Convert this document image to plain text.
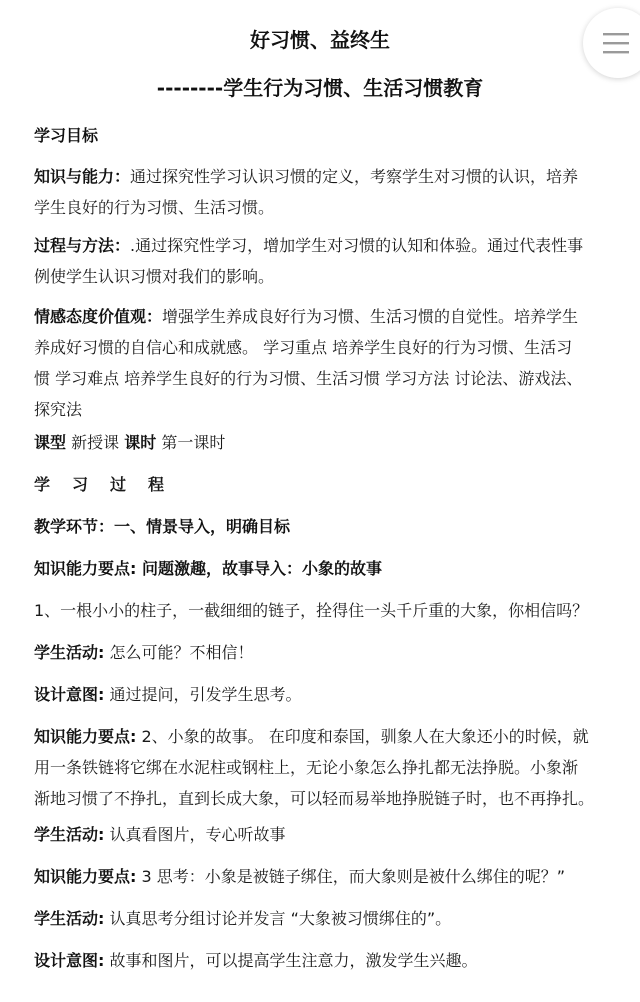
好习惯、益终生
--------学生行为习惯、生活习惯教育
学习目标
知识与能力：通过探究性学习认识习惯的定义，考察学生对习惯的认识，培养
学生良好的行为习惯、生活习惯。
过程与方法：.通过探究性学习，增加学生对习惯的认知和体验。通过代表性事
例使学生认识习惯对我们的影响。
情感态度价值观：增强学生养成良好行为习惯、生活习惯的自觉性。培养学生
养成好习惯的自信心和成就感。 学习重点 培养学生良好的行为习惯、生活习
惯 学习难点 培养学生良好的行为习惯、生活习惯 学习方法 讨论法、游戏法、
探究法
课型 新授课 课时 第一课时
学习过程
教学环节：一、情景导入，明确目标
知识能力要点: 问题激趣，故事导入：小象的故事
1、一根小小的柱子，一截细细的链子，拴得住一头千斤重的大象，你相信吗？
学生活动: 怎么可能？不相信！
设计意图: 通过提问，引发学生思考。
知识能力要点: 2、小象的故事。 在印度和泰国，驯象人在大象还小的时候，就
用一条铁链将它绑在水泥柱或钢柱上，无论小象怎么挣扎都无法挣脱。小象渐
渐地习惯了不挣扎，直到长成大象，可以轻而易举地挣脱链子时，也不再挣扎。
学生活动: 认真看图片，专心听故事
知识能力要点: 3 思考：小象是被链子绑住，而大象则是被什么绑住的呢？”
学生活动: 认真思考分组讨论并发言 “大象被习惯绑住的”。
设计意图: 故事和图片，可以提高学生注意力，激发学生兴趣。
